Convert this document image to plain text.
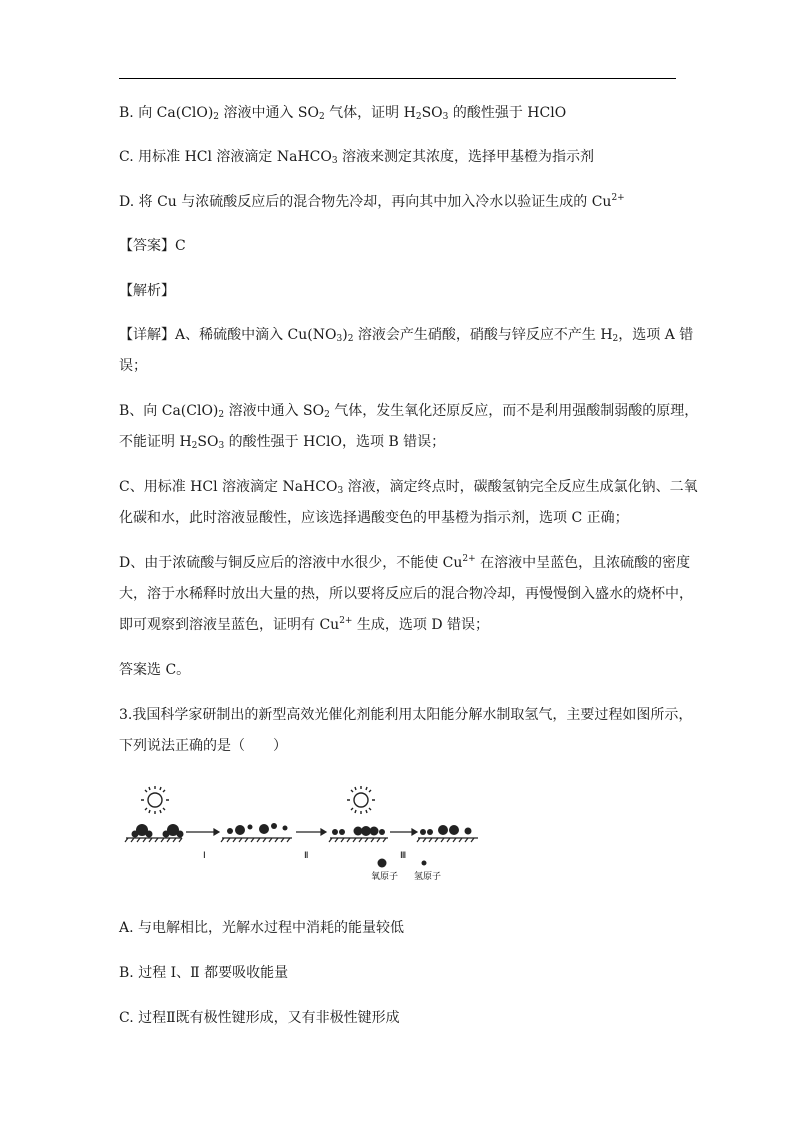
B. 向 $Ca(ClO)_2$ 溶液中通入 $SO_2$ 气体，证明 $H_2SO_3$ 的酸性强于 HClO
C. 用标准 HCl 溶液滴定 NaHCO$_3$ 溶液来测定其浓度，选择甲基橙为指示剂
D. 将 Cu 与浓硫酸反应后的混合物先冷却，再向其中加入冷水以验证生成的 $Cu^{2+}$
【答案】C
【解析】
【详解】A、稀硫酸中滴入 $Cu(NO_3)_2$ 溶液会产生硝酸，硝酸与锌反应不产生 $H_2$，选项 A 错
误；
B、向 $Ca(ClO)_2$ 溶液中通入 $SO_2$ 气体，发生氧化还原反应，而不是利用强酸制弱酸的原理，
不能证明 $H_2SO_3$ 的酸性强于 HClO，选项 B 错误；
C、用标准 HCl 溶液滴定 NaHCO$_3$ 溶液，滴定终点时，碳酸氢钠完全反应生成氯化钠、二氧
化碳和水，此时溶液显酸性，应该选择遇酸变色的甲基橙为指示剂，选项 C 正确；
D、由于浓硫酸与铜反应后的溶液中水很少，不能使 $Cu^{2+}$ 在溶液中呈蓝色，且浓硫酸的密度
大，溶于水稀释时放出大量的热，所以要将反应后的混合物冷却，再慢慢倒入盛水的烧杯中，
即可观察到溶液呈蓝色，证明有 $Cu^{2+}$ 生成，选项 D 错误；
答案选 C。
3.我国科学家研制出的新型高效光催化剂能利用太阳能分解水制取氢气，主要过程如图所示，
下列说法正确的是（　　）
Ⅰ	Ⅱ	Ⅲ
氧原子 氢原子
A. 与电解相比，光解水过程中消耗的能量较低
B. 过程 Ⅰ、Ⅱ 都要吸收能量
C. 过程Ⅱ既有极性键形成，又有非极性键形成
